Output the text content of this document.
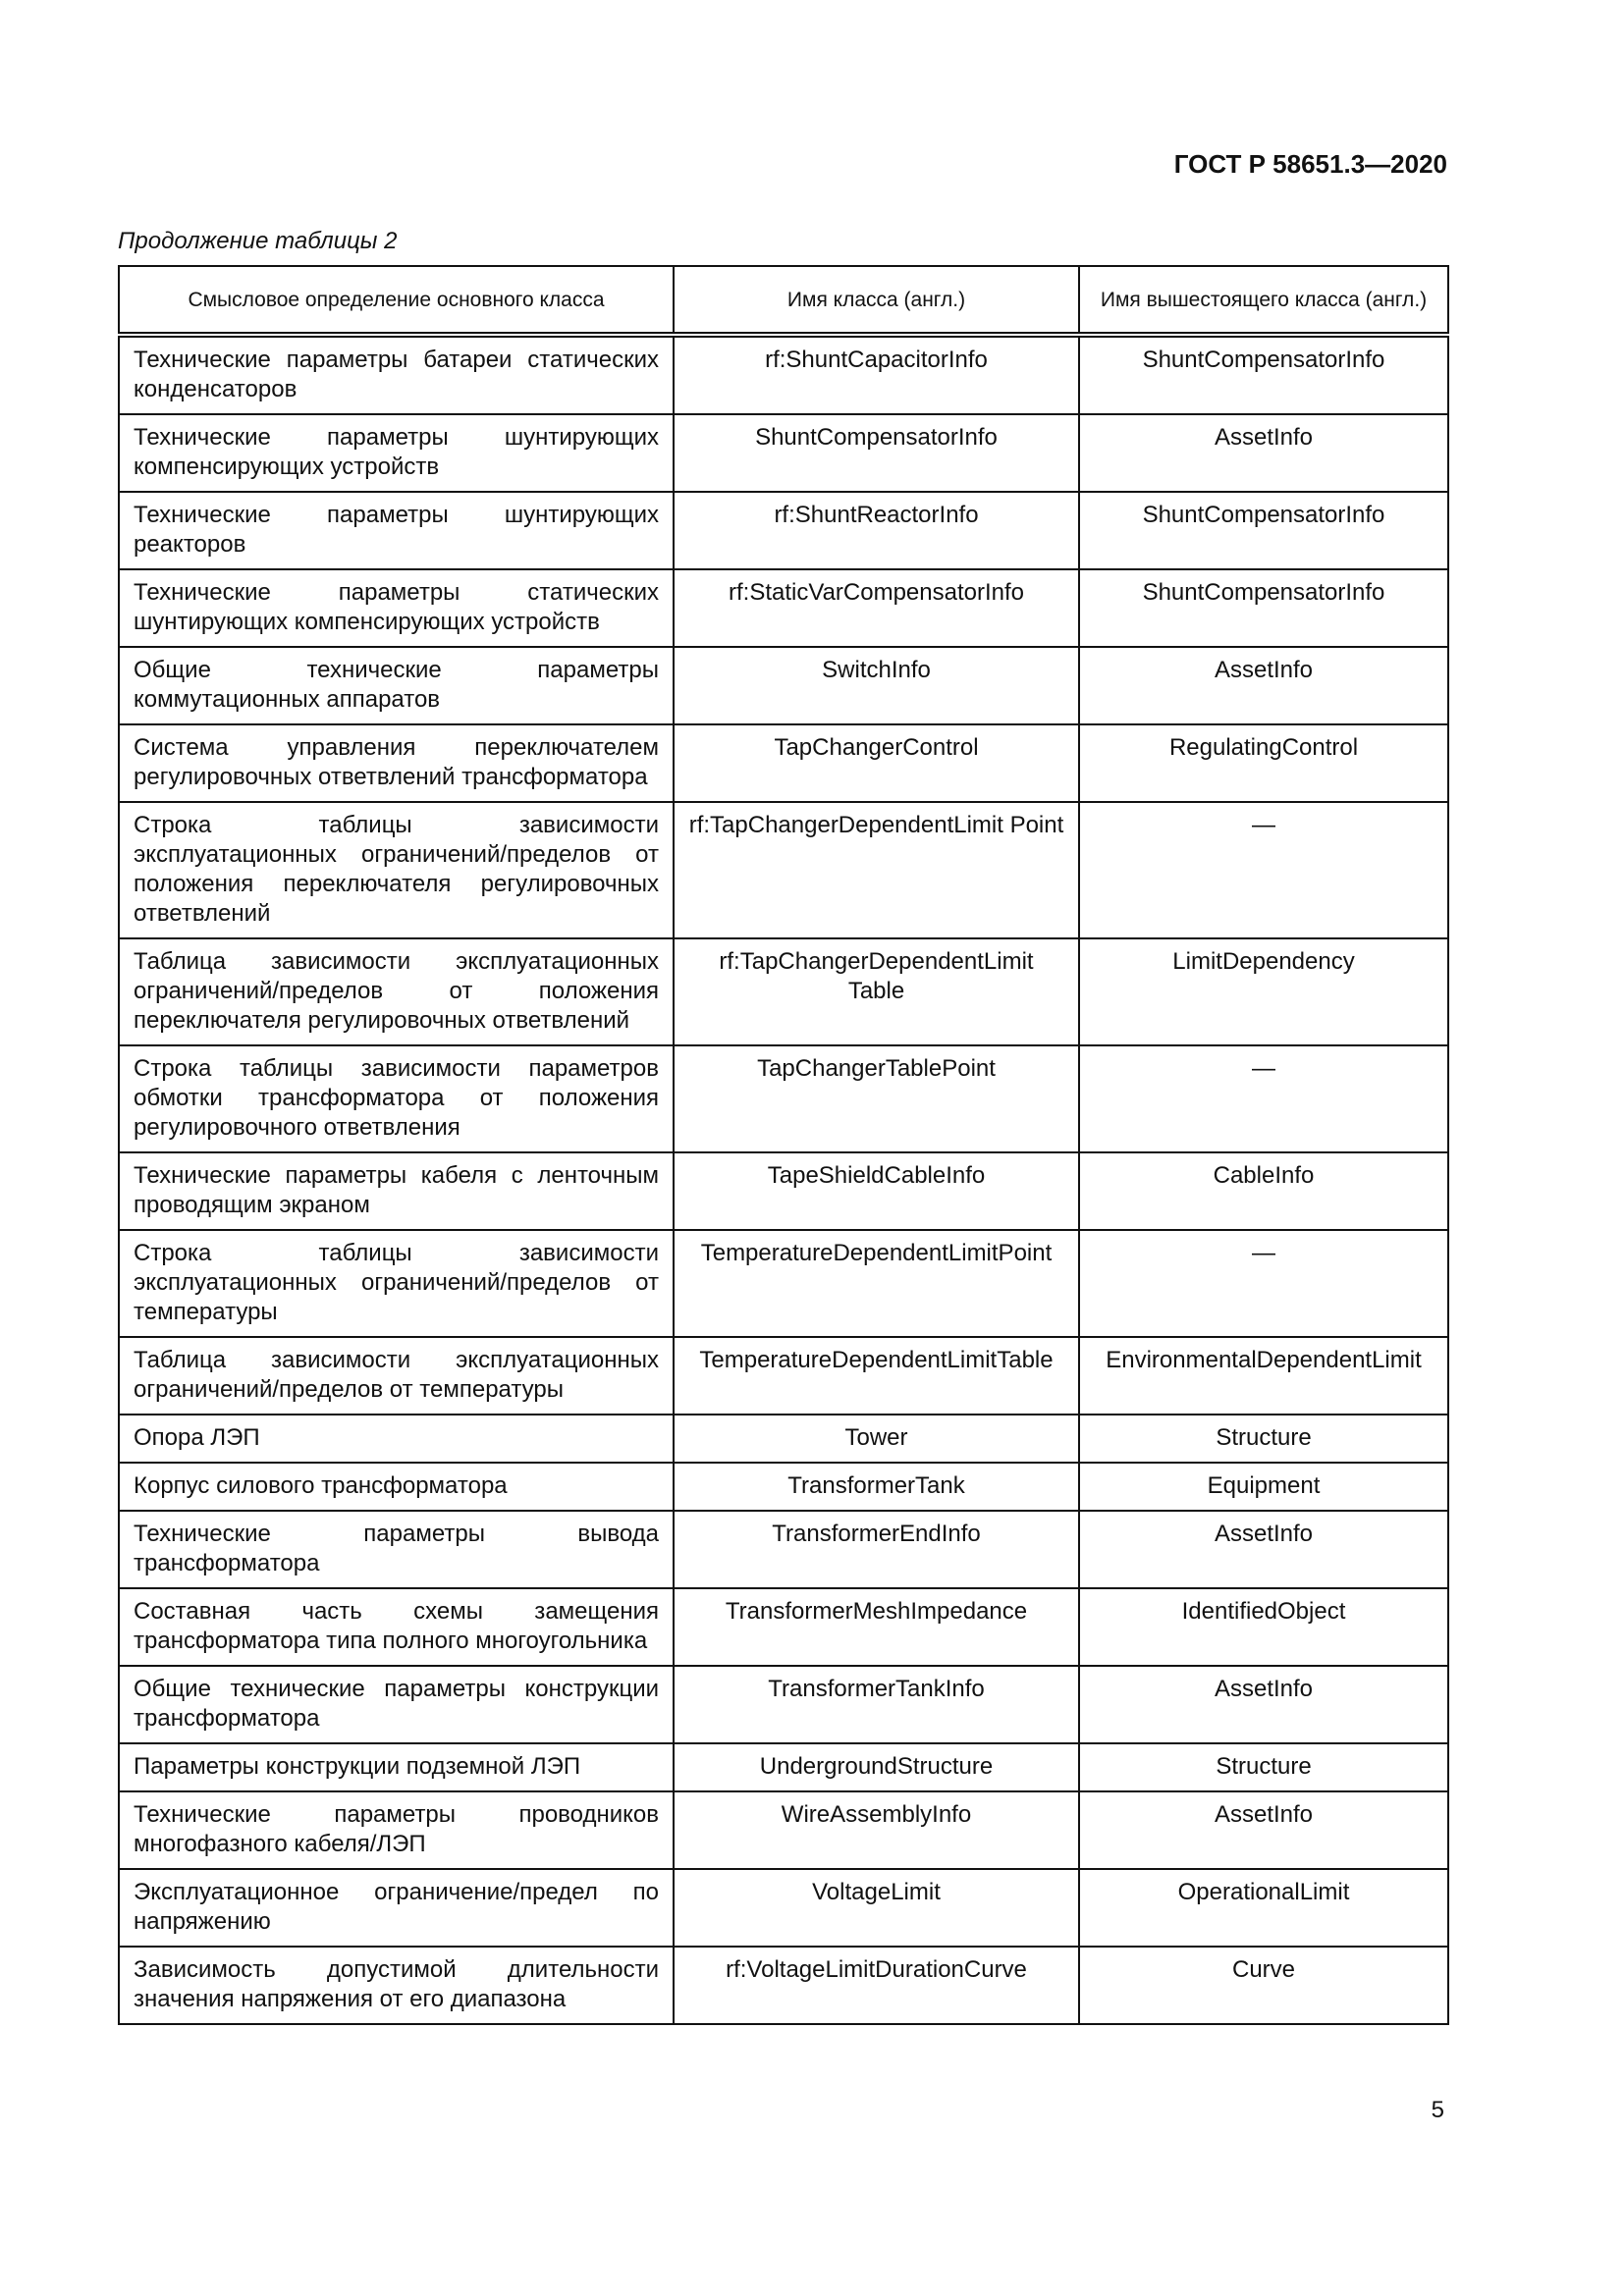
ГОСТ Р 58651.3—2020
Продолжение таблицы 2
Смысловое определение основного класса	Имя класса (англ.)	Имя вышестоящего класса (англ.)
Технические параметры батареи статических конденсаторов	rf:ShuntCapacitorInfo	ShuntCompensatorInfo
Технические параметры шунтирующих компенсирующих устройств	ShuntCompensatorInfo	AssetInfo
Технические параметры шунтирующих реакторов	rf:ShuntReactorInfo	ShuntCompensatorInfo
Технические параметры статических шунтирующих компенсирующих устройств	rf:StaticVarCompensatorInfo	ShuntCompensatorInfo
Общие технические параметры коммутационных аппаратов	SwitchInfo	AssetInfo
Система управления переключателем регулировочных ответвлений трансформатора	TapChangerControl	RegulatingControl
Строка таблицы зависимости эксплуатационных ограничений/пределов от положения переключателя регулировочных ответвлений	rf:TapChangerDependentLimit Point	—
Таблица зависимости эксплуатационных ограничений/пределов от положения переключателя регулировочных ответвлений	rf:TapChangerDependentLimit Table	LimitDependency
Строка таблицы зависимости параметров обмотки трансформатора от положения регулировочного ответвления	TapChangerTablePoint	—
Технические параметры кабеля с ленточным проводящим экраном	TapeShieldCableInfo	CableInfo
Строка таблицы зависимости эксплуатационных ограничений/пределов от температуры	TemperatureDependentLimitPoint	—
Таблица зависимости эксплуатационных ограничений/пределов от температуры	TemperatureDependentLimitTable	EnvironmentalDependentLimit
Опора ЛЭП	Tower	Structure
Корпус силового трансформатора	TransformerTank	Equipment
Технические параметры вывода трансформатора	TransformerEndInfo	AssetInfo
Составная часть схемы замещения трансформатора типа полного многоугольника	TransformerMeshImpedance	IdentifiedObject
Общие технические параметры конструкции трансформатора	TransformerTankInfo	AssetInfo
Параметры конструкции подземной ЛЭП	UndergroundStructure	Structure
Технические параметры проводников многофазного кабеля/ЛЭП	WireAssemblyInfo	AssetInfo
Эксплуатационное ограничение/предел по напряжению	VoltageLimit	OperationalLimit
Зависимость допустимой длительности значения напряжения от его диапазона	rf:VoltageLimitDurationCurve	Curve
5
